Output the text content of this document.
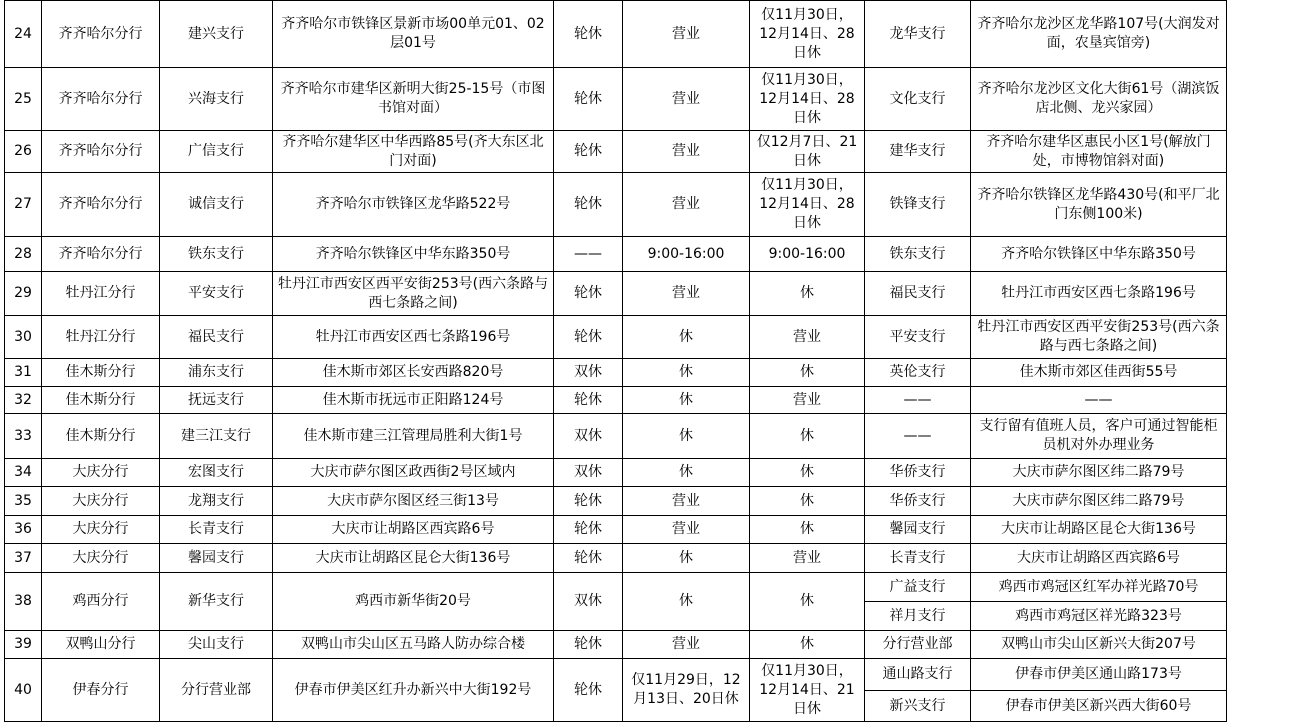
24	齐齐哈尔分行	建兴支行	齐齐哈尔市铁锋区景新市场00单元01、02层01号	轮休	营业	仅11月30日，12月14日、28日休	龙华支行	齐齐哈尔龙沙区龙华路107号(大润发对面，农垦宾馆旁)
25	齐齐哈尔分行	兴海支行	齐齐哈尔市建华区新明大街25-15号（市图书馆对面）	轮休	营业	仅11月30日，12月14日、28日休	文化支行	齐齐哈尔龙沙区文化大街61号（湖滨饭店北侧、龙兴家园）
26	齐齐哈尔分行	广信支行	齐齐哈尔建华区中华西路85号(齐大东区北门对面)	轮休	营业	仅12月7日、21日休	建华支行	齐齐哈尔建华区惠民小区1号(解放门处，市博物馆斜对面)
27	齐齐哈尔分行	诚信支行	齐齐哈尔市铁锋区龙华路522号	轮休	营业	仅11月30日，12月14日、28日休	铁锋支行	齐齐哈尔铁锋区龙华路430号(和平厂北门东侧100米)
28	齐齐哈尔分行	铁东支行	齐齐哈尔铁锋区中华东路350号	——	9:00-16:00	9:00-16:00	铁东支行	齐齐哈尔铁锋区中华东路350号
29	牡丹江分行	平安支行	牡丹江市西安区西平安街253号(西六条路与西七条路之间)	轮休	营业	休	福民支行	牡丹江市西安区西七条路196号
30	牡丹江分行	福民支行	牡丹江市西安区西七条路196号	轮休	休	营业	平安支行	牡丹江市西安区西平安街253号(西六条路与西七条路之间)
31	佳木斯分行	浦东支行	佳木斯市郊区长安西路820号	双休	休	休	英伦支行	佳木斯市郊区佳西街55号
32	佳木斯分行	抚远支行	佳木斯市抚远市正阳路124号	轮休	休	营业	——	——
33	佳木斯分行	建三江支行	佳木斯市建三江管理局胜利大街1号	双休	休	休	——	支行留有值班人员，客户可通过智能柜员机对外办理业务
34	大庆分行	宏图支行	大庆市萨尔图区政西街2号区域内	双休	休	休	华侨支行	大庆市萨尔图区纬二路79号
35	大庆分行	龙翔支行	大庆市萨尔图区经三街13号	轮休	营业	休	华侨支行	大庆市萨尔图区纬二路79号
36	大庆分行	长青支行	大庆市让胡路区西宾路6号	轮休	营业	休	馨园支行	大庆市让胡路区昆仑大街136号
37	大庆分行	馨园支行	大庆市让胡路区昆仑大街136号	轮休	休	营业	长青支行	大庆市让胡路区西宾路6号
38	鸡西分行	新华支行	鸡西市新华街20号	双休	休	休	广益支行	鸡西市鸡冠区红军办祥光路70号
							祥月支行	鸡西市鸡冠区祥光路323号
39	双鸭山分行	尖山支行	双鸭山市尖山区五马路人防办综合楼	轮休	营业	休	分行营业部	双鸭山市尖山区新兴大街207号
40	伊春分行	分行营业部	伊春市伊美区红升办新兴中大街192号	轮休	仅11月29日，12月13日、20日休	仅11月30日，12月14日、21日休	通山路支行	伊春市伊美区通山路173号
							新兴支行	伊春市伊美区新兴西大街60号
